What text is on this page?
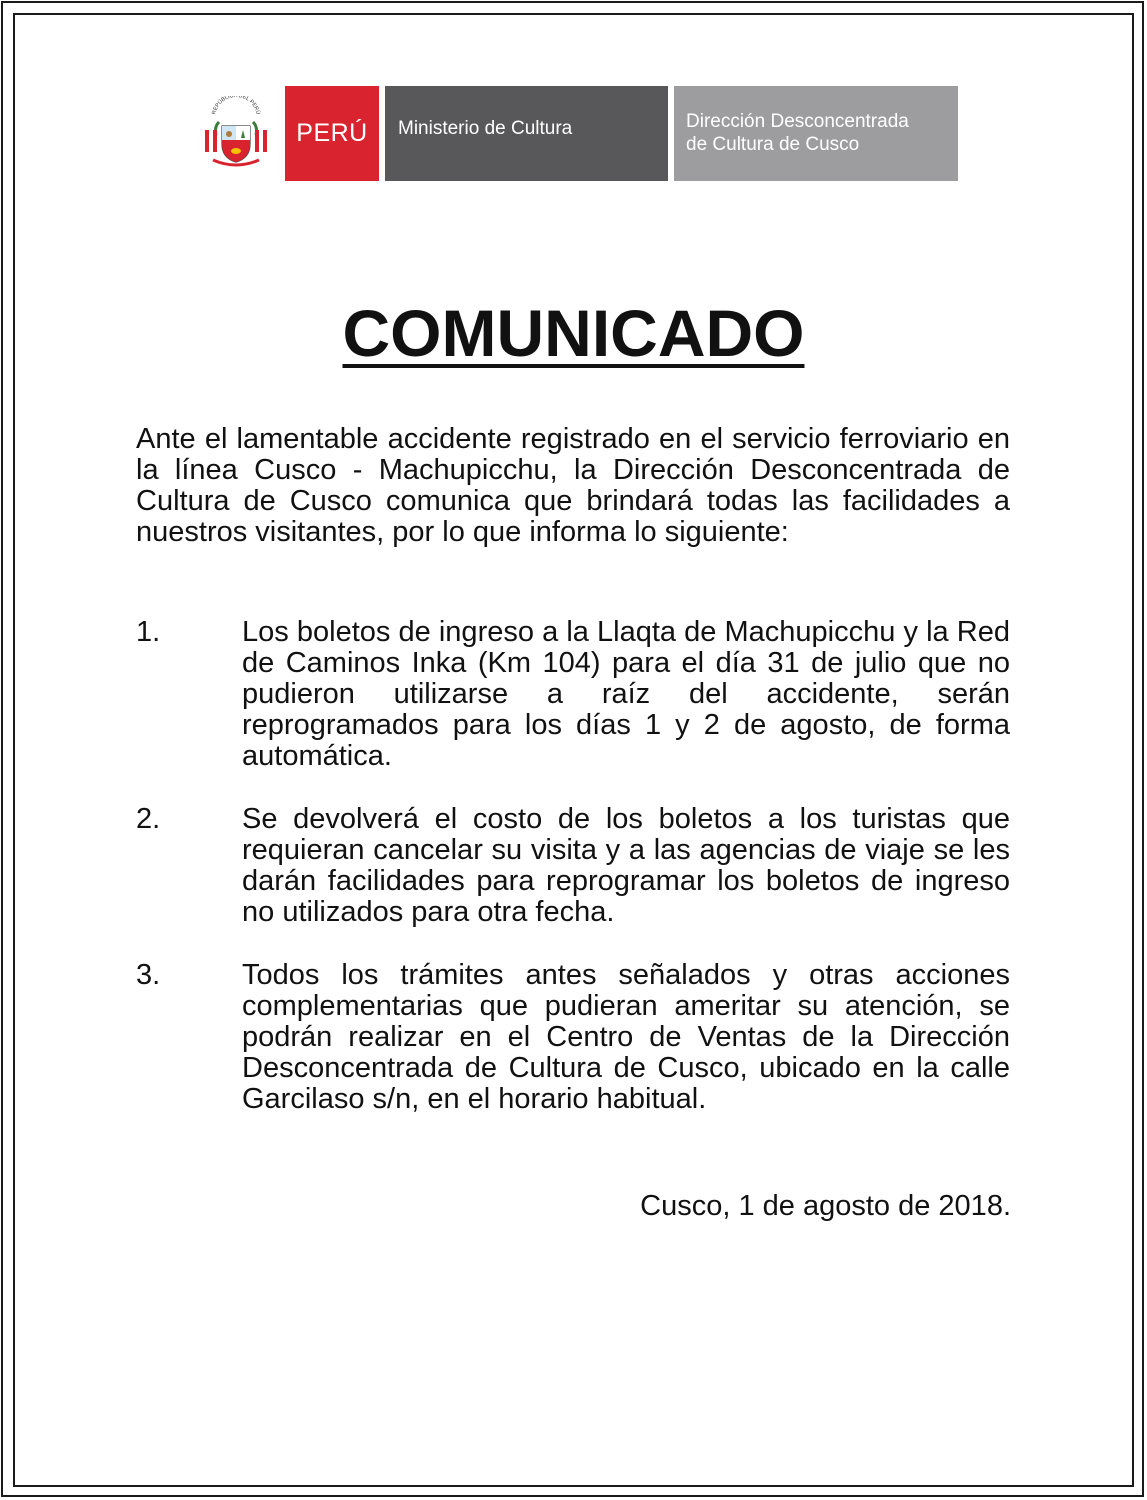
REPÚBLICA DEL PERÚ
PERÚ	Ministerio de Cultura	Dirección Desconcentrada
de Cultura de Cusco
COMUNICADO
Ante el lamentable accidente registrado en el servicio ferroviario en la línea Cusco - Machupicchu, la Dirección Desconcentrada de Cultura de Cusco comunica que brindará todas las facilidades a nuestros visitantes, por lo que informa lo siguiente:
1.	Los boletos de ingreso a la Llaqta de Machupicchu y la Red de Caminos Inka (Km 104) para el día 31 de julio que no pudieron utilizarse a raíz del accidente, serán reprogramados para los días 1 y 2 de agosto, de forma automática.
2.	Se devolverá el costo de los boletos a los turistas que requieran cancelar su visita y a las agencias de viaje se les darán facilidades para reprogramar los boletos de ingreso no utilizados para otra fecha.
3.	Todos los trámites antes señalados y otras acciones complementarias que pudieran ameritar su atención, se podrán realizar en el Centro de Ventas de la Dirección Desconcentrada de Cultura de Cusco, ubicado en la calle Garcilaso s/n, en el horario habitual.
Cusco, 1 de agosto de 2018.
